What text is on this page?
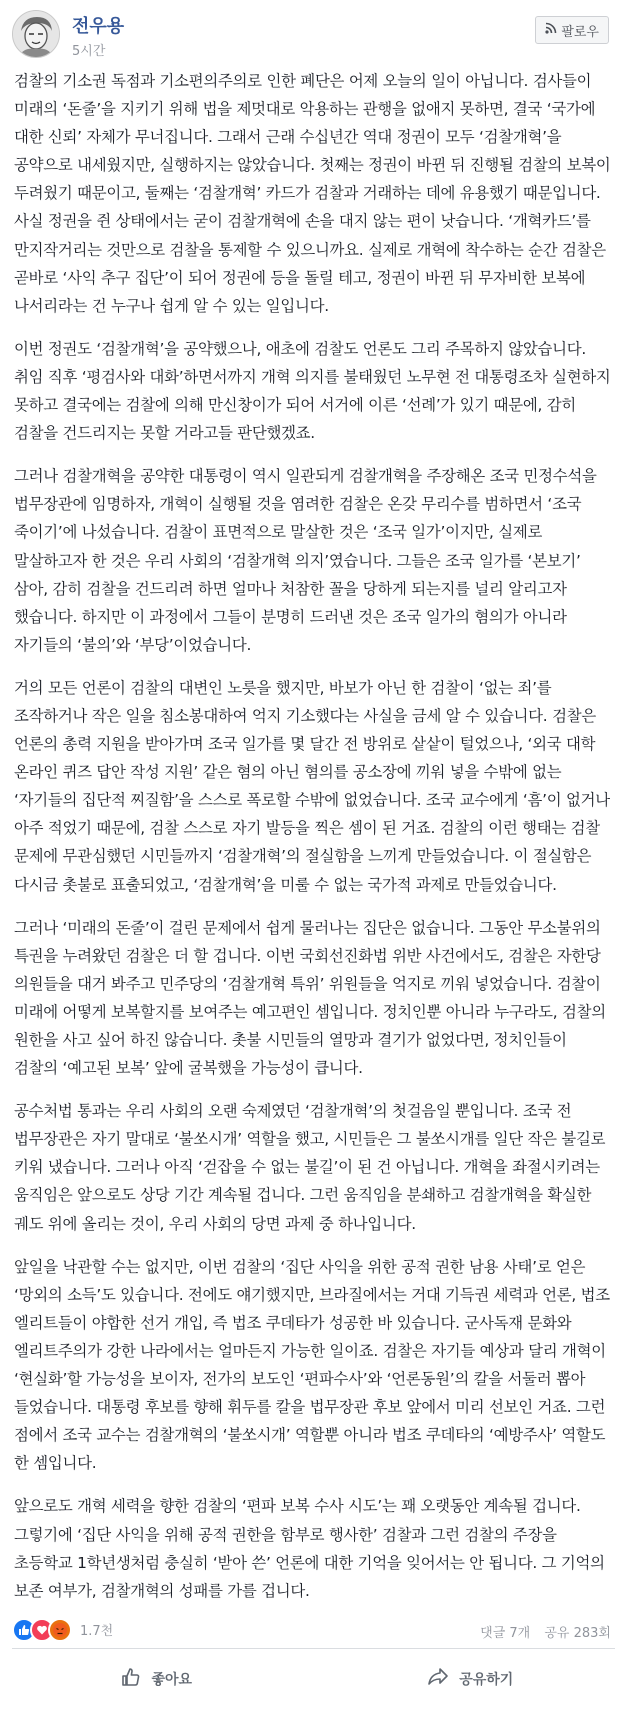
전우용
5시간
팔로우

검찰의 기소권 독점과 기소편의주의로 인한 폐단은 어제 오늘의 일이 아닙니다. 검사들이 미래의 ‘돈줄’을 지키기 위해 법을 제멋대로 악용하는 관행을 없애지 못하면, 결국 ‘국가에 대한 신뢰’ 자체가 무너집니다. 그래서 근래 수십년간 역대 정권이 모두 ‘검찰개혁’을 공약으로 내세웠지만, 실행하지는 않았습니다. 첫째는 정권이 바뀐 뒤 진행될 검찰의 보복이 두려웠기 때문이고, 둘째는 ‘검찰개혁’ 카드가 검찰과 거래하는 데에 유용했기 때문입니다. 사실 정권을 쥔 상태에서는 굳이 검찰개혁에 손을 대지 않는 편이 낫습니다. ‘개혁카드’를 만지작거리는 것만으로 검찰을 통제할 수 있으니까요. 실제로 개혁에 착수하는 순간 검찰은 곧바로 ‘사익 추구 집단’이 되어 정권에 등을 돌릴 테고, 정권이 바뀐 뒤 무자비한 보복에 나서리라는 건 누구나 쉽게 알 수 있는 일입니다.

이번 정권도 ‘검찰개혁’을 공약했으나, 애초에 검찰도 언론도 그리 주목하지 않았습니다. 취임 직후 ‘평검사와 대화’하면서까지 개혁 의지를 불태웠던 노무현 전 대통령조차 실현하지 못하고 결국에는 검찰에 의해 만신창이가 되어 서거에 이른 ‘선례’가 있기 때문에, 감히 검찰을 건드리지는 못할 거라고들 판단했겠죠.

그러나 검찰개혁을 공약한 대통령이 역시 일관되게 검찰개혁을 주장해온 조국 민정수석을 법무장관에 임명하자, 개혁이 실행될 것을 염려한 검찰은 온갖 무리수를 범하면서 ‘조국 죽이기’에 나섰습니다. 검찰이 표면적으로 말살한 것은 ‘조국 일가’이지만, 실제로 말살하고자 한 것은 우리 사회의 ‘검찰개혁 의지’였습니다. 그들은 조국 일가를 ‘본보기’ 삼아, 감히 검찰을 건드리려 하면 얼마나 처참한 꼴을 당하게 되는지를 널리 알리고자 했습니다. 하지만 이 과정에서 그들이 분명히 드러낸 것은 조국 일가의 혐의가 아니라 자기들의 ‘불의’와 ‘부당’이었습니다.

거의 모든 언론이 검찰의 대변인 노릇을 했지만, 바보가 아닌 한 검찰이 ‘없는 죄’를 조작하거나 작은 일을 침소봉대하여 억지 기소했다는 사실을 금세 알 수 있습니다. 검찰은 언론의 총력 지원을 받아가며 조국 일가를 몇 달간 전 방위로 샅샅이 털었으나, ‘외국 대학 온라인 퀴즈 답안 작성 지원’ 같은 혐의 아닌 혐의를 공소장에 끼워 넣을 수밖에 없는 ‘자기들의 집단적 찌질함’을 스스로 폭로할 수밖에 없었습니다. 조국 교수에게 ‘흠’이 없거나 아주 적었기 때문에, 검찰 스스로 자기 발등을 찍은 셈이 된 거죠. 검찰의 이런 행태는 검찰 문제에 무관심했던 시민들까지 ‘검찰개혁’의 절실함을 느끼게 만들었습니다. 이 절실함은 다시금 촛불로 표출되었고, ‘검찰개혁’을 미룰 수 없는 국가적 과제로 만들었습니다.

그러나 ‘미래의 돈줄’이 걸린 문제에서 쉽게 물러나는 집단은 없습니다. 그동안 무소불위의 특권을 누려왔던 검찰은 더 할 겁니다. 이번 국회선진화법 위반 사건에서도, 검찰은 자한당 의원들을 대거 봐주고 민주당의 ‘검찰개혁 특위’ 위원들을 억지로 끼워 넣었습니다. 검찰이 미래에 어떻게 보복할지를 보여주는 예고편인 셈입니다. 정치인뿐 아니라 누구라도, 검찰의 원한을 사고 싶어 하진 않습니다. 촛불 시민들의 열망과 결기가 없었다면, 정치인들이 검찰의 ‘예고된 보복’ 앞에 굴복했을 가능성이 큽니다.

공수처법 통과는 우리 사회의 오랜 숙제였던 ‘검찰개혁’의 첫걸음일 뿐입니다. 조국 전 법무장관은 자기 말대로 ‘불쏘시개’ 역할을 했고, 시민들은 그 불쏘시개를 일단 작은 불길로 키워 냈습니다. 그러나 아직 ‘걷잡을 수 없는 불길’이 된 건 아닙니다. 개혁을 좌절시키려는 움직임은 앞으로도 상당 기간 계속될 겁니다. 그런 움직임을 분쇄하고 검찰개혁을 확실한 궤도 위에 올리는 것이, 우리 사회의 당면 과제 중 하나입니다.

앞일을 낙관할 수는 없지만, 이번 검찰의 ‘집단 사익을 위한 공적 권한 남용 사태’로 얻은 ‘망외의 소득’도 있습니다. 전에도 얘기했지만, 브라질에서는 거대 기득권 세력과 언론, 법조 엘리트들이 야합한 선거 개입, 즉 법조 쿠데타가 성공한 바 있습니다. 군사독재 문화와 엘리트주의가 강한 나라에서는 얼마든지 가능한 일이죠. 검찰은 자기들 예상과 달리 개혁이 ‘현실화’할 가능성을 보이자, 전가의 보도인 ‘편파수사’와 ‘언론동원’의 칼을 서둘러 뽑아 들었습니다. 대통령 후보를 향해 휘두를 칼을 법무장관 후보 앞에서 미리 선보인 거죠. 그런 점에서 조국 교수는 검찰개혁의 ‘불쏘시개’ 역할뿐 아니라 법조 쿠데타의 ‘예방주사’ 역할도 한 셈입니다.

앞으로도 개혁 세력을 향한 검찰의 ‘편파 보복 수사 시도’는 꽤 오랫동안 계속될 겁니다. 그렇기에 ‘집단 사익을 위해 공적 권한을 함부로 행사한’ 검찰과 그런 검찰의 주장을 초등학교 1학년생처럼 충실히 ‘받아 쓴’ 언론에 대한 기억을 잊어서는 안 됩니다. 그 기억의 보존 여부가, 검찰개혁의 성패를 가를 겁니다.

1.7천	댓글 7개 공유 283회
좋아요	공유하기
